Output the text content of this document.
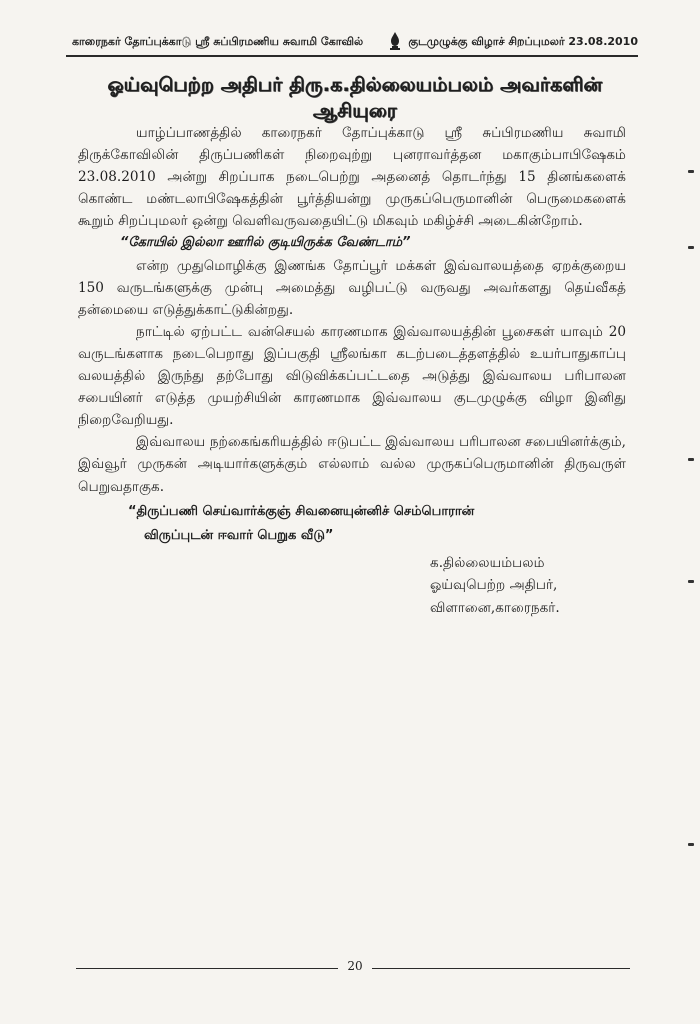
காரைநகர் தோப்புக்காடு ஸ்ரீ சுப்பிரமணிய சுவாமி கோவில்	குடமுழுக்கு விழாச் சிறப்புமலர் 23.08.2010
ஓய்வுபெற்ற அதிபர் திரு.க.தில்லையம்பலம் அவர்களின்
ஆசியுரை

யாழ்ப்பாணத்தில் காரைநகர் தோப்புக்காடு ஸ்ரீ சுப்பிரமணிய சுவாமி திருக்கோவிலின் திருப்பணிகள் நிறைவுற்று புனராவர்த்தன மகாகும்பாபிஷேகம் 23.08.2010 அன்று சிறப்பாக நடைபெற்று அதனைத் தொடர்ந்து 15 தினங்களைக் கொண்ட மண்டலாபிஷேகத்தின் பூர்த்தியன்று முருகப்பெருமானின் பெருமைகளைக் கூறும் சிறப்புமலர் ஒன்று வெளிவருவதையிட்டு மிகவும் மகிழ்ச்சி அடைகின்றோம்.

“கோயில் இல்லா ஊரில் குடியிருக்க வேண்டாம்”

என்ற முதுமொழிக்கு இணங்க தோப்பூர் மக்கள் இவ்வாலயத்தை ஏறக்குறைய 150 வருடங்களுக்கு முன்பு அமைத்து வழிபட்டு வருவது அவர்களது தெய்வீகத் தன்மையை எடுத்துக்காட்டுகின்றது.

நாட்டில் ஏற்பட்ட வன்செயல் காரணமாக இவ்வாலயத்தின் பூசைகள் யாவும் 20 வருடங்களாக நடைபெறாது இப்பகுதி ஸ்ரீலங்கா கடற்படைத்தளத்தில் உயர்பாதுகாப்பு வலயத்தில் இருந்து தற்போது விடுவிக்கப்பட்டதை அடுத்து இவ்வாலய பரிபாலன சபையினர் எடுத்த முயற்சியின் காரணமாக இவ்வாலய குடமுழுக்கு விழா இனிது நிறைவேறியது.

இவ்வாலய நற்கைங்கரியத்தில் ஈடுபட்ட இவ்வாலய பரிபாலன சபையினர்க்கும், இவ்வூர் முருகன் அடியார்களுக்கும் எல்லாம் வல்ல முருகப்பெருமானின் திருவருள் பெறுவதாகுக.

“திருப்பணி செய்வார்க்குஞ் சிவனையுன்னிச் செம்பொரான்
விருப்புடன் ஈவார் பெறுக வீடு”

க.தில்லையம்பலம்
ஓய்வுபெற்ற அதிபர்,
விளானை,காரைநகர்.
20
